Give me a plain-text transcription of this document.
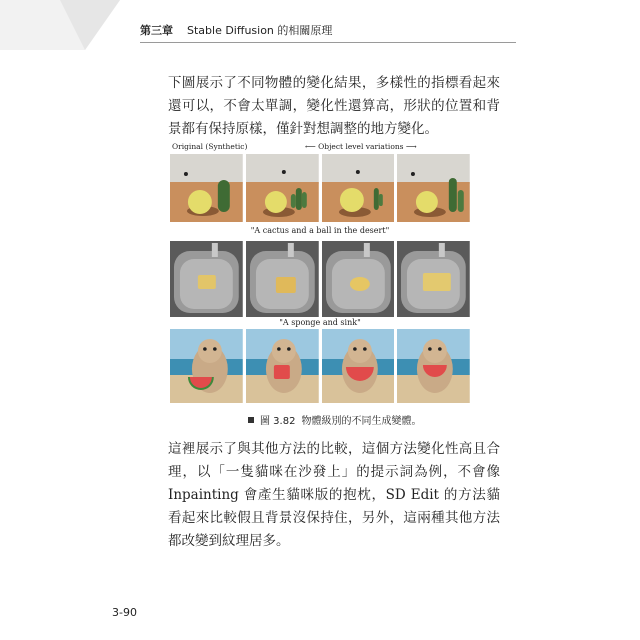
第三章 Stable Diffusion 的相關原理
下圖展示了不同物體的變化結果，多樣性的指標看起來還可以，不會太單調，變化性還算高，形狀的位置和背景都有保持原樣，僅針對想調整的地方變化。
Original (Synthetic)	⟵ Object level variations ⟶
"A cactus and a ball in the desert"
"A sponge and sink"
圖 3.82 物體級別的不同生成變體。
這裡展示了與其他方法的比較，這個方法變化性高且合理，以「一隻貓咪在沙發上」的提示詞為例，不會像 Inpainting 會產生貓咪版的抱枕，SD Edit 的方法貓看起來比較假且背景沒保持住，另外，這兩種其他方法都改變到紋理居多。
3-90
